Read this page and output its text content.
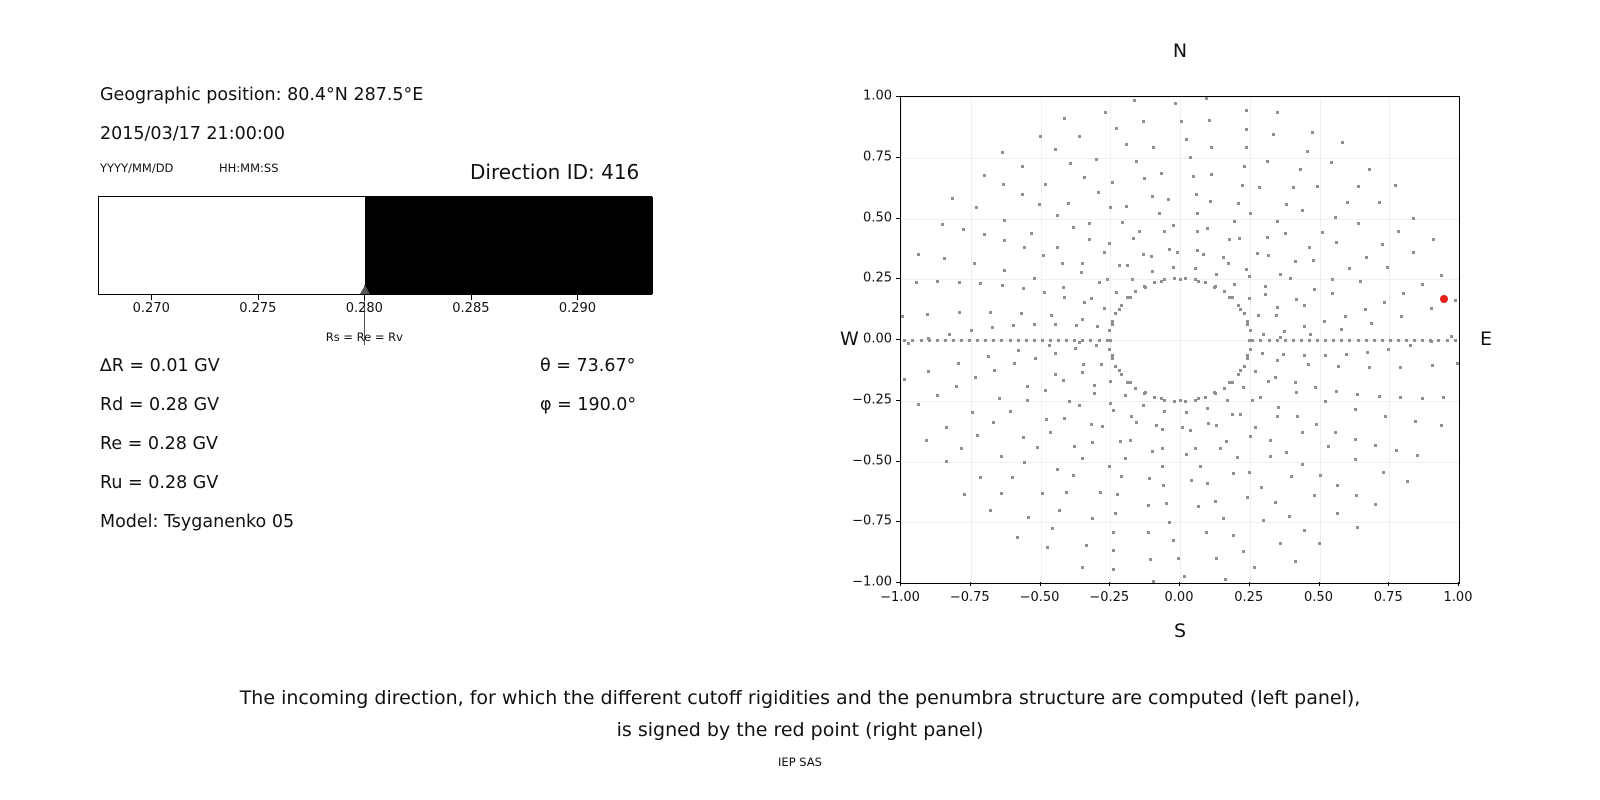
Geographic position: 80.4°N 287.5°E
2015/03/17 21:00:00
YYYY/MM/DD	HH:MM:SS	Direction ID: 416
Rs = Re = Rv
0.270	0.275	0.280	0.285	0.290
∆R = 0.01 GV
Rd = 0.28 GV
Re = 0.28 GV
Ru = 0.28 GV
Model: Tsyganenko 05
θ = 73.67°
φ = 190.0°
N
S
W	E
−1.00 −0.75 −0.50 −0.25	0.00	0.25	0.50	0.75	1.00
−1.00
−0.75
−0.50
−0.25
0.00
0.25
0.50
0.75
1.00
The incoming direction, for which the different cutoff rigidities and the penumbra structure are computed (left panel),
is signed by the red point (right panel)
IEP SAS
